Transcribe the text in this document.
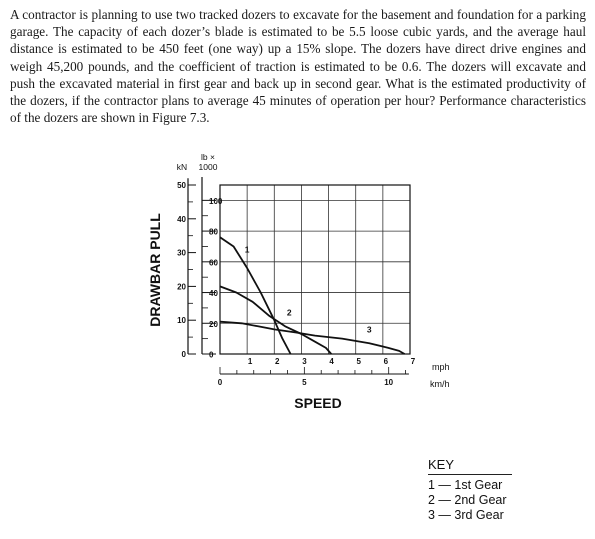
A contractor is planning to use two tracked dozers to excavate for the basement and foundation for a parking garage. The capacity of each dozer’s blade is estimated to be 5.5 loose cubic yards, and the average haul distance is estimated to be 450 feet (one way) up a 15% slope. The dozers have direct drive engines and weigh 45,200 pounds, and the coefficient of traction is estimated to be 0.6. The dozers will excavate and push the excavated material in first gear and back up in second gear. What is the estimated productivity of the dozers, if the contractor plans to average 45 minutes of operation per hour? Performance characteristics of the dozers are shown in Figure 7.3.

DRAWBAR PULL
lb ×
1000
kN
mph
km/h
SPEED
100
80
60
40
20
0
50
40
30
20
10
0
1	2	3	4	5	6	7
0	5	10
1
2
3
KEY
1 — 1st Gear
2 — 2nd Gear
3 — 3rd Gear
